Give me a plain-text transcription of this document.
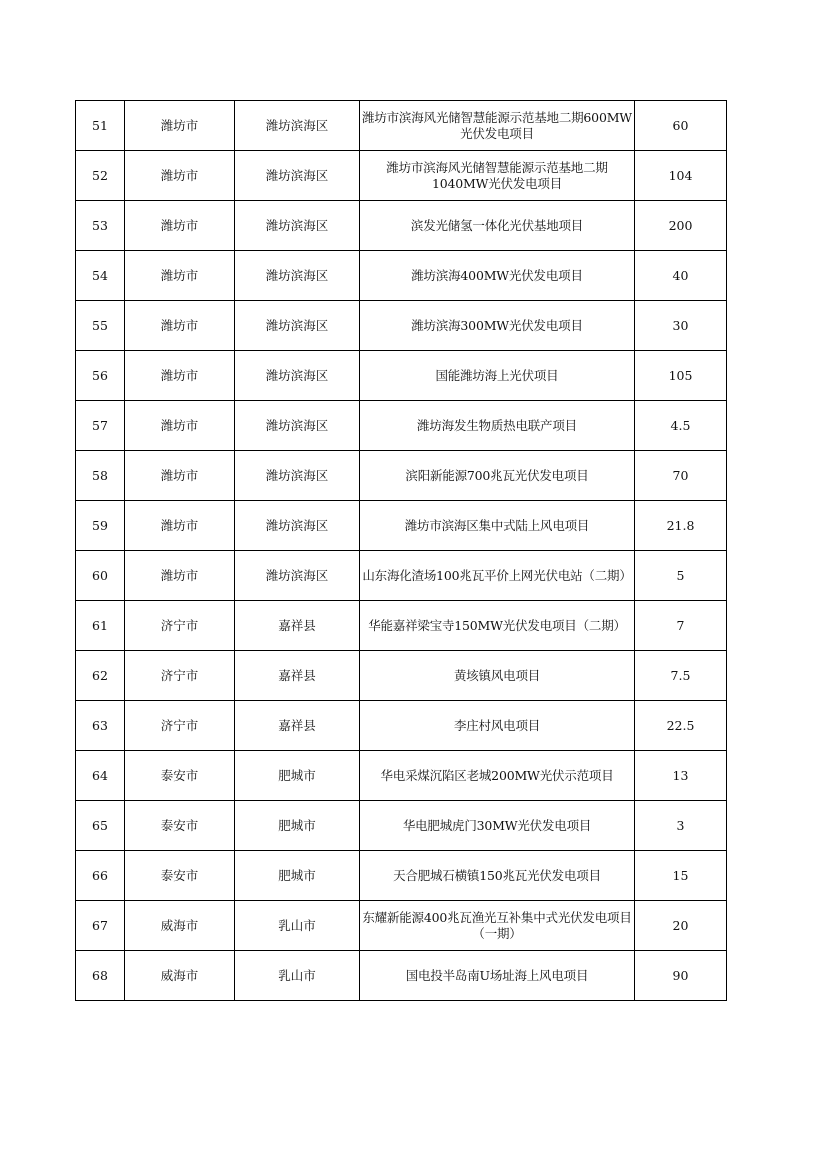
51	潍坊市	潍坊滨海区	潍坊市滨海风光储智慧能源示范基地二期600MW光伏发电项目	60
52	潍坊市	潍坊滨海区	潍坊市滨海风光储智慧能源示范基地二期1040MW光伏发电项目	104
53	潍坊市	潍坊滨海区	滨发光储氢一体化光伏基地项目	200
54	潍坊市	潍坊滨海区	潍坊滨海400MW光伏发电项目	40
55	潍坊市	潍坊滨海区	潍坊滨海300MW光伏发电项目	30
56	潍坊市	潍坊滨海区	国能潍坊海上光伏项目	105
57	潍坊市	潍坊滨海区	潍坊海发生物质热电联产项目	4.5
58	潍坊市	潍坊滨海区	滨阳新能源700兆瓦光伏发电项目	70
59	潍坊市	潍坊滨海区	潍坊市滨海区集中式陆上风电项目	21.8
60	潍坊市	潍坊滨海区	山东海化渣场100兆瓦平价上网光伏电站（二期）	5
61	济宁市	嘉祥县	华能嘉祥梁宝寺150MW光伏发电项目（二期）	7
62	济宁市	嘉祥县	黄垓镇风电项目	7.5
63	济宁市	嘉祥县	李庄村风电项目	22.5
64	泰安市	肥城市	华电采煤沉陷区老城200MW光伏示范项目	13
65	泰安市	肥城市	华电肥城虎门30MW光伏发电项目	3
66	泰安市	肥城市	天合肥城石横镇150兆瓦光伏发电项目	15
67	威海市	乳山市	东耀新能源400兆瓦渔光互补集中式光伏发电项目（一期）	20
68	威海市	乳山市	国电投半岛南U场址海上风电项目	90
